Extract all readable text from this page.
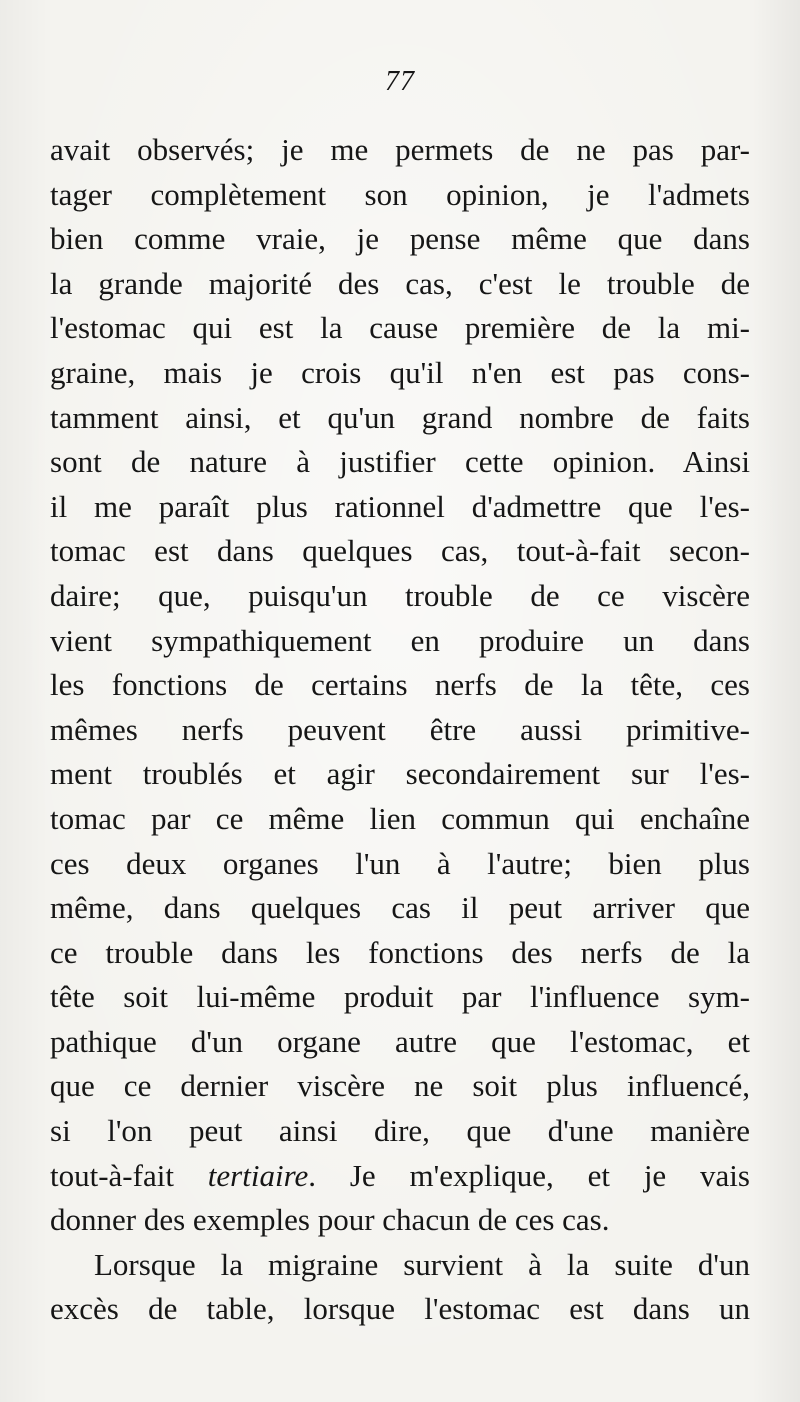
77
avait observés; je me permets de ne pas par-
tager complètement son opinion, je l'admets
bien comme vraie, je pense même que dans
la grande majorité des cas, c'est le trouble de
l'estomac qui est la cause première de la mi-
graine, mais je crois qu'il n'en est pas cons-
tamment ainsi, et qu'un grand nombre de faits
sont de nature à justifier cette opinion. Ainsi
il me paraît plus rationnel d'admettre que l'es-
tomac est dans quelques cas, tout-à-fait secon-
daire; que, puisqu'un trouble de ce viscère
vient sympathiquement en produire un dans
les fonctions de certains nerfs de la tête, ces
mêmes nerfs peuvent être aussi primitive-
ment troublés et agir secondairement sur l'es-
tomac par ce même lien commun qui enchaîne
ces deux organes l'un à l'autre; bien plus
même, dans quelques cas il peut arriver que
ce trouble dans les fonctions des nerfs de la
tête soit lui-même produit par l'influence sym-
pathique d'un organe autre que l'estomac, et
que ce dernier viscère ne soit plus influencé,
si l'on peut ainsi dire, que d'une manière
tout-à-fait tertiaire. Je m'explique, et je vais
donner des exemples pour chacun de ces cas.
Lorsque la migraine survient à la suite d'un
excès de table, lorsque l'estomac est dans un
